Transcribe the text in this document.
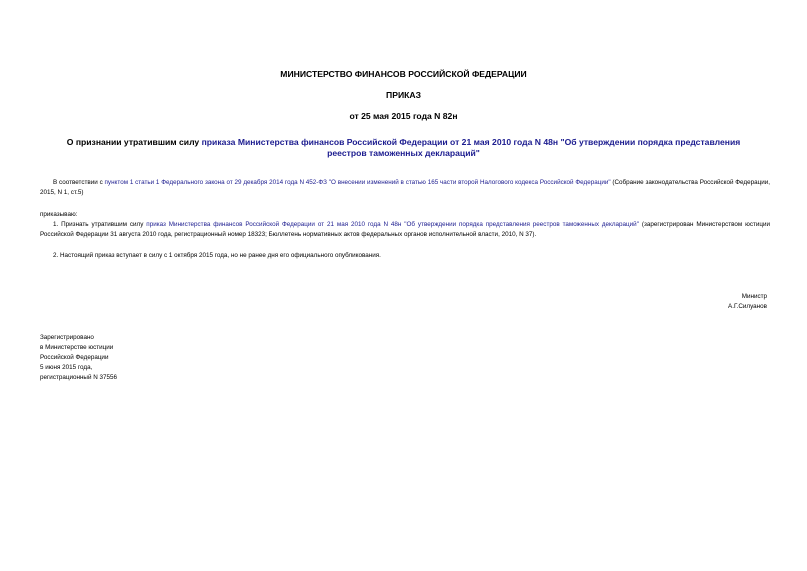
МИНИСТЕРСТВО ФИНАНСОВ РОССИЙСКОЙ ФЕДЕРАЦИИ
ПРИКАЗ
от 25 мая 2015 года N 82н
О признании утратившим силу приказа Министерства финансов Российской Федерации от 21 мая 2010 года N 48н "Об утверждении порядка представления реестров таможенных деклараций"
В соответствии с пунктом 1 статьи 1 Федерального закона от 29 декабря 2014 года N 452-ФЗ "О внесении изменений в статью 165 части второй Налогового кодекса Российской Федерации" (Собрание законодательства Российской Федерации, 2015, N 1, ст.5)
приказываю:
1. Признать утратившим силу приказ Министерства финансов Российской Федерации от 21 мая 2010 года N 48н "Об утверждении порядка представления реестров таможенных деклараций" (зарегистрирован Министерством юстиции Российской Федерации 31 августа 2010 года, регистрационный номер 18323; Бюллетень нормативных актов федеральных органов исполнительной власти, 2010, N 37).
2. Настоящий приказ вступает в силу с 1 октября 2015 года, но не ранее дня его официального опубликования.
Министр
А.Г.Силуанов
Зарегистрировано
в Министерстве юстиции
Российской Федерации
5 июня 2015 года,
регистрационный N 37556
